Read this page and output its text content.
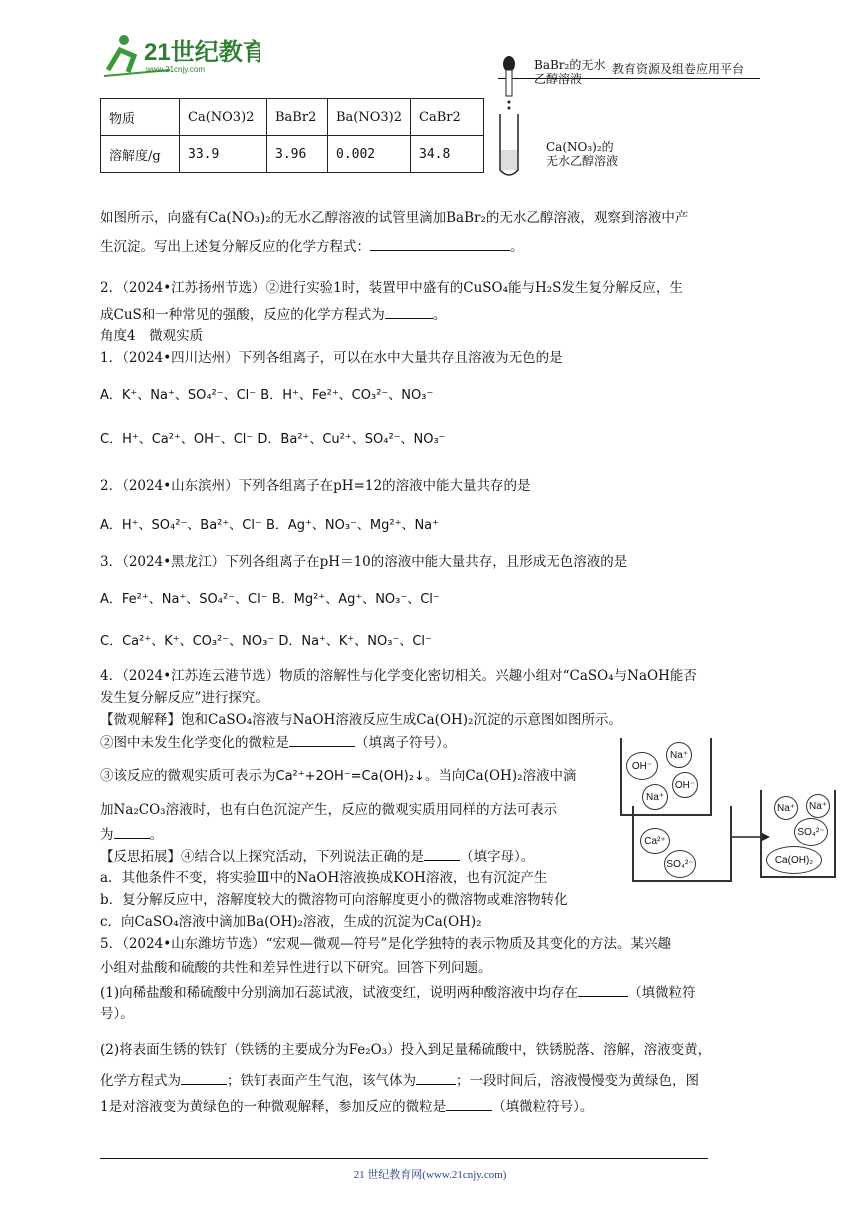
21世纪教育
www.21cnjy.com	教育资源及组卷应用平台
物质	Ca(NO3)2	BaBr2	Ba(NO3)2	CaBr2
溶解度/g	33.9	3.96	0.002	34.8
BaBr₂的无水乙醇溶液
Ca(NO₃)₂的无水乙醇溶液
如图所示，向盛有Ca(NO₃)₂的无水乙醇溶液的试管里滴加BaBr₂的无水乙醇溶液，观察到溶液中产
生沉淀。写出上述复分解反应的化学方程式：	。
2．（2024•江苏扬州节选）②进行实验1时，装置甲中盛有的CuSO₄能与H₂S发生复分解反应，生
成CuS和一种常见的强酸，反应的化学方程式为	。
角度4　微观实质
1．（2024•四川达州）下列各组离子，可以在水中大量共存且溶液为无色的是
A．K⁺、Na⁺、SO₄²⁻、Cl⁻ B．H⁺、Fe²⁺、CO₃²⁻、NO₃⁻
C．H⁺、Ca²⁺、OH⁻、Cl⁻ D．Ba²⁺、Cu²⁺、SO₄²⁻、NO₃⁻
2．（2024•山东滨州）下列各组离子在pH=12的溶液中能大量共存的是
A．H⁺、SO₄²⁻、Ba²⁺、Cl⁻ B．Ag⁺、NO₃⁻、Mg²⁺、Na⁺
3．（2024•黑龙江）下列各组离子在pH＝10的溶液中能大量共存，且形成无色溶液的是
A．Fe²⁺、Na⁺、SO₄²⁻、Cl⁻ B．Mg²⁺、Ag⁺、NO₃⁻、Cl⁻
C．Ca²⁺、K⁺、CO₃²⁻、NO₃⁻ D．Na⁺、K⁺、NO₃⁻、Cl⁻
4．（2024•江苏连云港节选）物质的溶解性与化学变化密切相关。兴趣小组对“CaSO₄与NaOH能否
发生复分解反应”进行探究。
【微观解释】饱和CaSO₄溶液与NaOH溶液反应生成Ca(OH)₂沉淀的示意图如图所示。
②图中未发生化学变化的微粒是	（填离子符号）。
③该反应的微观实质可表示为Ca²⁺+2OH⁻=Ca(OH)₂↓。当向Ca(OH)₂溶液中滴
加Na₂CO₃溶液时，也有白色沉淀产生，反应的微观实质用同样的方法可表示
为	。
【反思拓展】④结合以上探究活动，下列说法正确的是	（填字母）。
a．其他条件不变，将实验Ⅲ中的NaOH溶液换成KOH溶液，也有沉淀产生
b．复分解反应中，溶解度较大的微溶物可向溶解度更小的微溶物或难溶物转化
c．向CaSO₄溶液中滴加Ba(OH)₂溶液，生成的沉淀为Ca(OH)₂
OH⁻
Na⁺
Na⁺
OH⁻
Ca²⁺
SO₄²⁻
Na⁺ Na⁺
SO₄²⁻
Ca(OH)₂
5．（2024•山东潍坊节选）“宏观—微观—符号”是化学独特的表示物质及其变化的方法。某兴趣
小组对盐酸和硫酸的共性和差异性进行以下研究。回答下列问题。
(1)向稀盐酸和稀硫酸中分别滴加石蕊试液，试液变红，说明两种酸溶液中均存在	（填微粒符
号）。
(2)将表面生锈的铁钉（铁锈的主要成分为Fe₂O₃）投入到足量稀硫酸中，铁锈脱落、溶解，溶液变黄，
化学方程式为	；铁钉表面产生气泡，该气体为	；一段时间后，溶液慢慢变为黄绿色，图
1是对溶液变为黄绿色的一种微观解释，参加反应的微粒是	（填微粒符号）。
21 世纪教育网(www.21cnjy.com)
